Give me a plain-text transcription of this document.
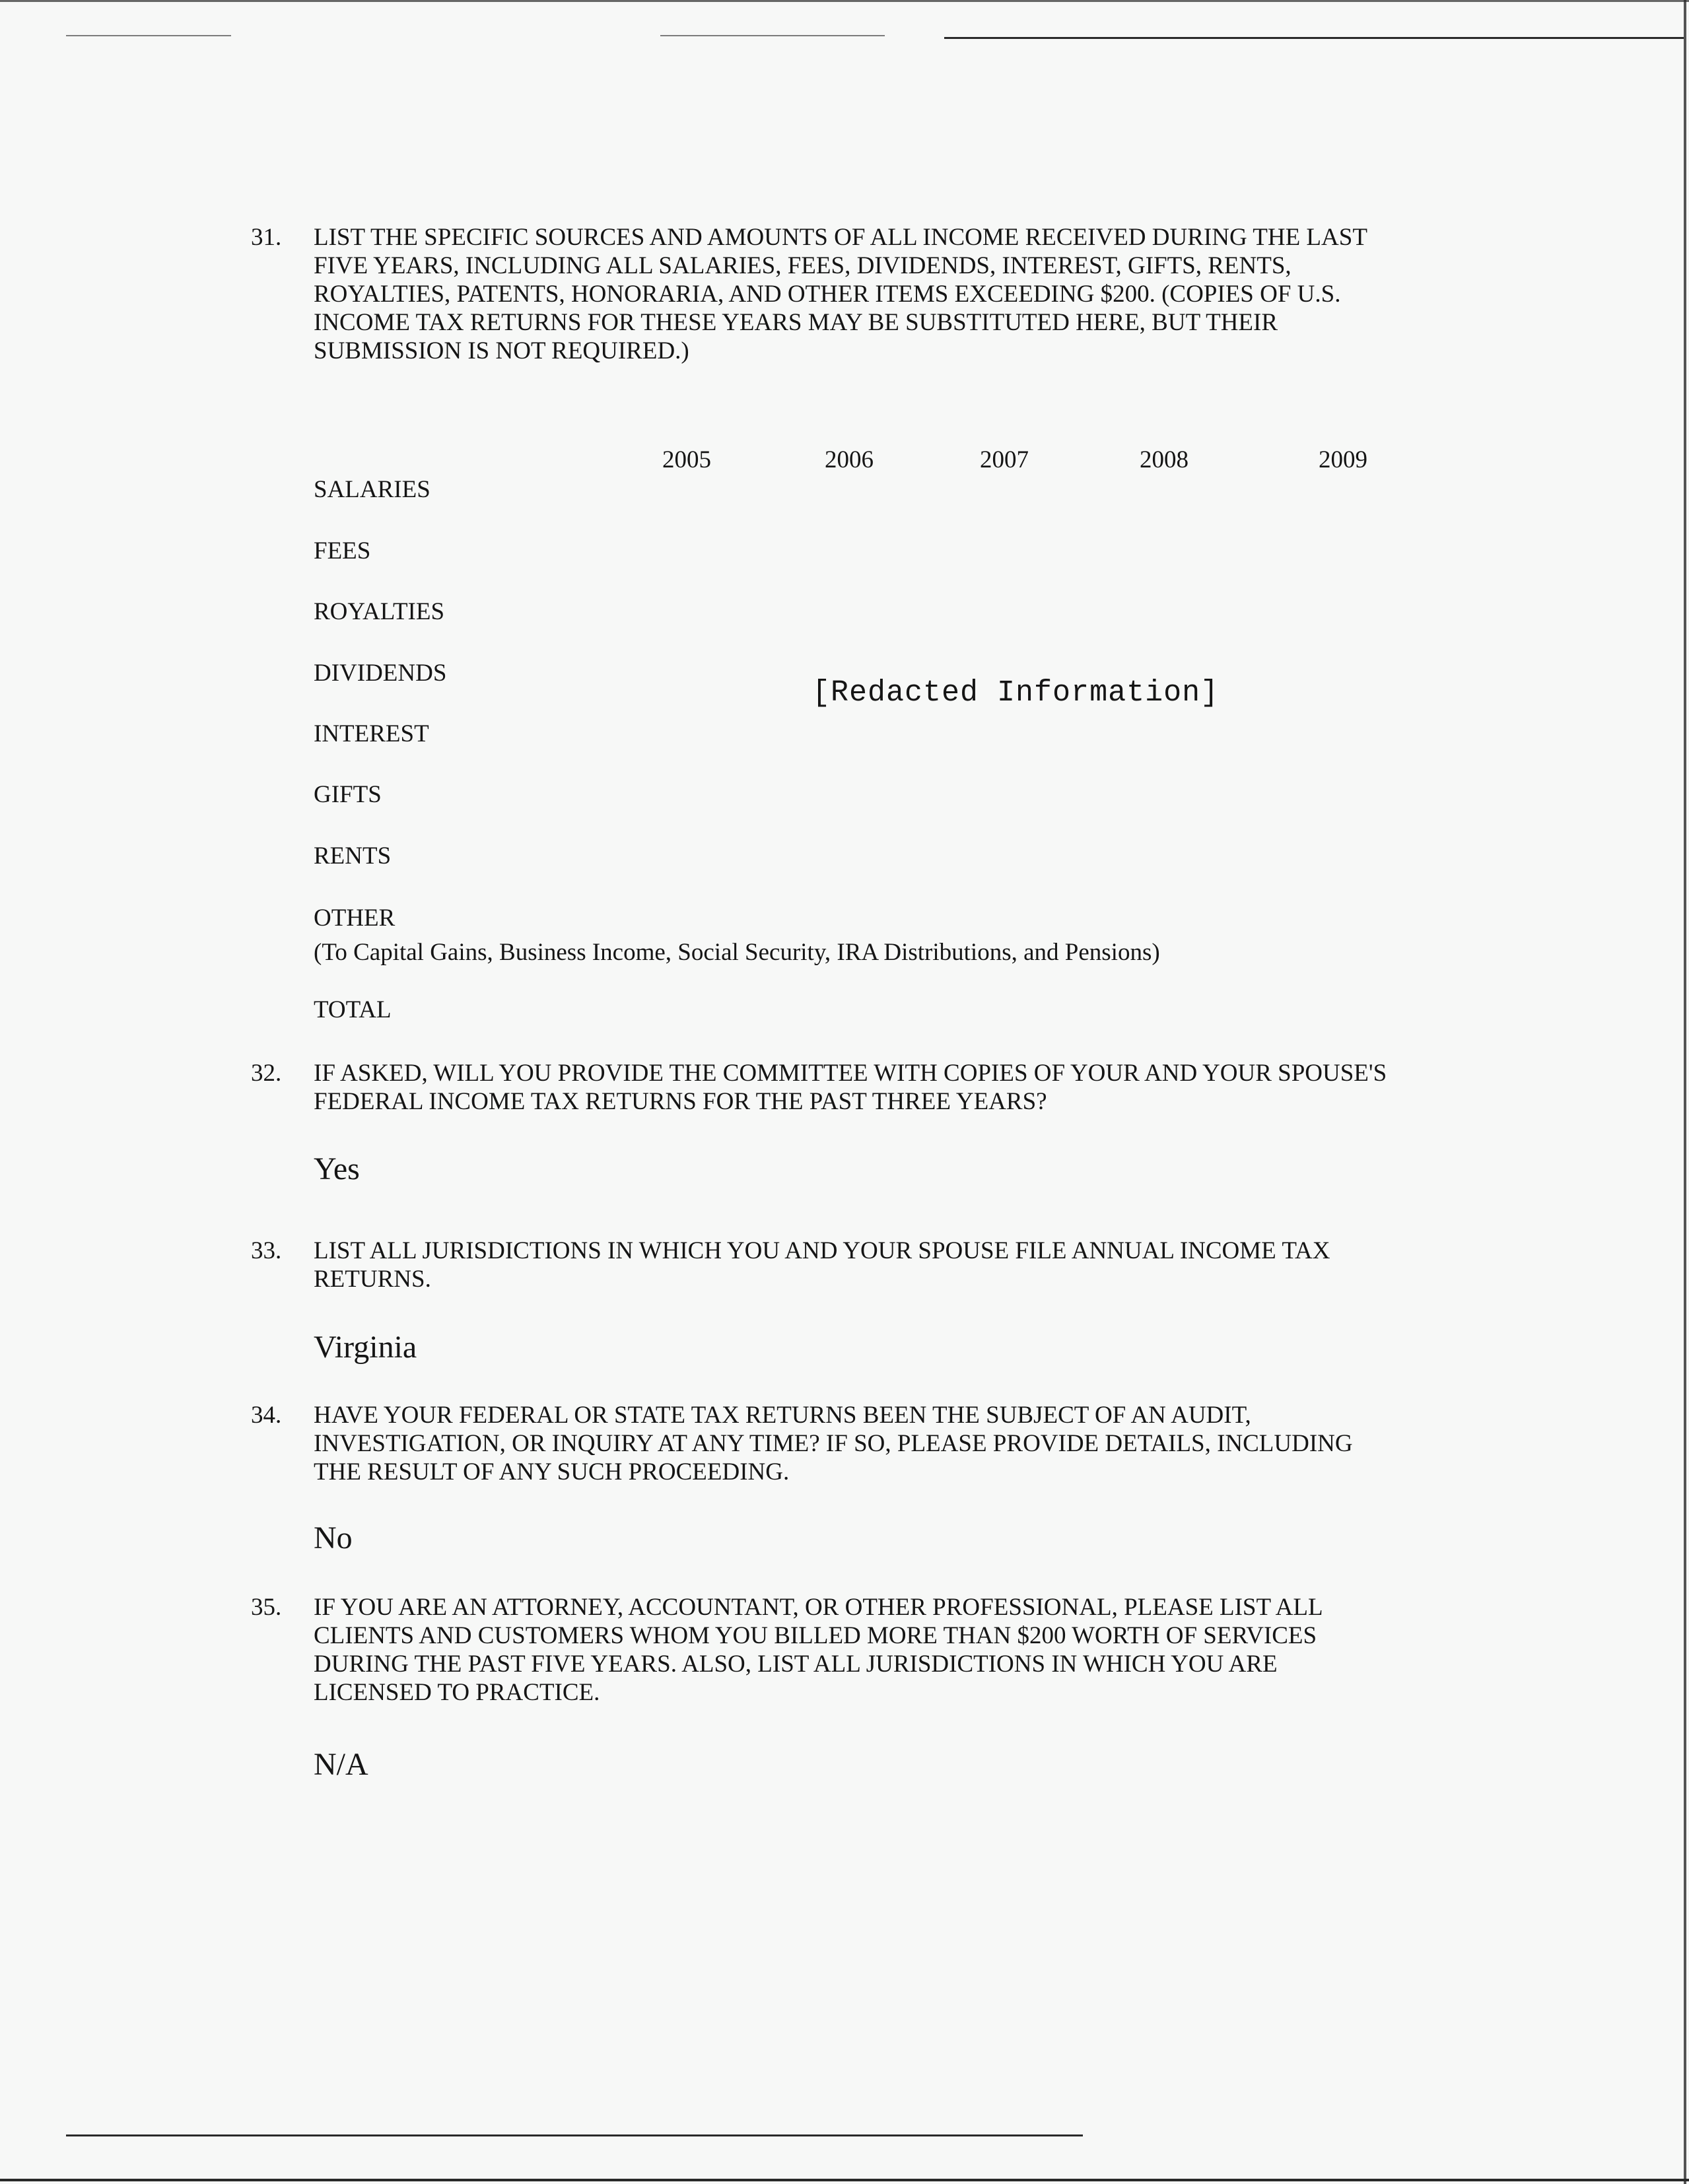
31. LIST THE SPECIFIC SOURCES AND AMOUNTS OF ALL INCOME RECEIVED DURING THE LAST
FIVE YEARS, INCLUDING ALL SALARIES, FEES, DIVIDENDS, INTEREST, GIFTS, RENTS,
ROYALTIES, PATENTS, HONORARIA, AND OTHER ITEMS EXCEEDING $200. (COPIES OF U.S.
INCOME TAX RETURNS FOR THESE YEARS MAY BE SUBSTITUTED HERE, BUT THEIR
SUBMISSION IS NOT REQUIRED.)
2005	2006	2007	2008	2009
SALARIES
FEES
ROYALTIES
DIVIDENDS
INTEREST
GIFTS
RENTS
OTHER
(To Capital Gains, Business Income, Social Security, IRA Distributions, and Pensions)
TOTAL
[Redacted Information]
32. IF ASKED, WILL YOU PROVIDE THE COMMITTEE WITH COPIES OF YOUR AND YOUR SPOUSE'S
FEDERAL INCOME TAX RETURNS FOR THE PAST THREE YEARS?
Yes
33. LIST ALL JURISDICTIONS IN WHICH YOU AND YOUR SPOUSE FILE ANNUAL INCOME TAX
RETURNS.
Virginia
34. HAVE YOUR FEDERAL OR STATE TAX RETURNS BEEN THE SUBJECT OF AN AUDIT,
INVESTIGATION, OR INQUIRY AT ANY TIME? IF SO, PLEASE PROVIDE DETAILS, INCLUDING
THE RESULT OF ANY SUCH PROCEEDING.
No
35. IF YOU ARE AN ATTORNEY, ACCOUNTANT, OR OTHER PROFESSIONAL, PLEASE LIST ALL
CLIENTS AND CUSTOMERS WHOM YOU BILLED MORE THAN $200 WORTH OF SERVICES
DURING THE PAST FIVE YEARS. ALSO, LIST ALL JURISDICTIONS IN WHICH YOU ARE
LICENSED TO PRACTICE.
N/A
